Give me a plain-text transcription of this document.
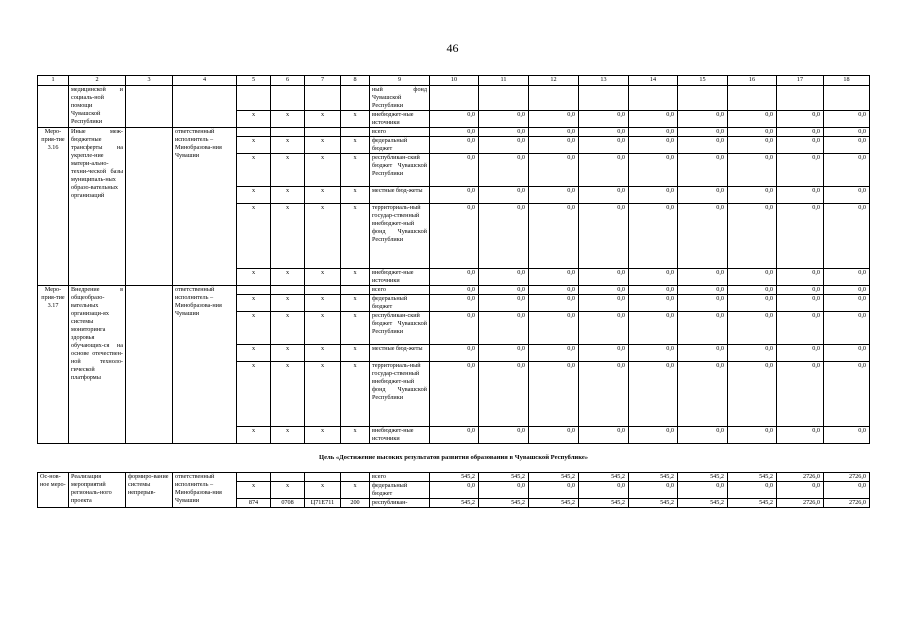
46
1	2	3	4	5	6	7	8	9	10	11	12	13	14	15	16	17	18
	медицинской и социаль-ной помощи Чувашской Республики							ный фонд Чувашской Республики									
				x	x	x	x	внебюджет-ные источники	0,0	0,0	0,0	0,0	0,0	0,0	0,0	0,0	0,0
Меро-прия-тие 3.16	Иные меж-бюджетные трансферты на укрепле-ние матери-ально-техни-ческой базы муниципаль-ных образо-вательных организаций		ответственный исполнитель – Минобразова-ния Чувашии					всего	0,0	0,0	0,0	0,0	0,0	0,0	0,0	0,0	0,0
				x	x	x	x	федеральный бюджет	0,0	0,0	0,0	0,0	0,0	0,0	0,0	0,0	0,0
				x	x	x	x	республикан-ский бюджет Чувашской Республики	0,0	0,0	0,0	0,0	0,0	0,0	0,0	0,0	0,0
				x	x	x	x	местные бюд-жеты	0,0	0,0	0,0	0,0	0,0	0,0	0,0	0,0	0,0
				x	x	x	x	территориаль-ный государ-ственный внебюджет-ный фонд Чувашской Республики	0,0	0,0	0,0	0,0	0,0	0,0	0,0	0,0	0,0
				x	x	x	x	внебюджет-ные источники	0,0	0,0	0,0	0,0	0,0	0,0	0,0	0,0	0,0
Меро-прия-тие 3.17	Внедрение в общеобразо-вательных организаци-ях системы мониторинга здоровья обучающих-ся на основе отечествен-ной техноло-гической платформы		ответственный исполнитель – Минобразова-ния Чувашии					всего	0,0	0,0	0,0	0,0	0,0	0,0	0,0	0,0	0,0
				x	x	x	x	федеральный бюджет	0,0	0,0	0,0	0,0	0,0	0,0	0,0	0,0	0,0
				x	x	x	x	республикан-ский бюджет Чувашской Республики	0,0	0,0	0,0	0,0	0,0	0,0	0,0	0,0	0,0
				x	x	x	x	местные бюд-жеты	0,0	0,0	0,0	0,0	0,0	0,0	0,0	0,0	0,0
				x	x	x	x	территориаль-ный государ-ственный внебюджет-ный фонд Чувашской Республики	0,0	0,0	0,0	0,0	0,0	0,0	0,0	0,0	0,0
				x	x	x	x	внебюджет-ные источники	0,0	0,0	0,0	0,0	0,0	0,0	0,0	0,0	0,0
Цель «Достижение высоких результатов развития образования в Чувашской Республике»																	
Ос-нов-ное меро-	Реализация мероприятий региональ-ного проекта	формиро-вание системы непрерыв-	ответственный исполнитель – Минобразова-ния Чувашии					всего	545,2	545,2	545,2	545,2	545,2	545,2	545,2	2726,0	2726,0
				x	x	x	x	федеральный бюджет	0,0	0,0	0,0	0,0	0,0	0,0	0,0	0,0	0,0
				874	0708	Ц71E711	200	республикан-	545,2	545,2	545,2	545,2	545,2	545,2	545,2	2726,0	2726,0
